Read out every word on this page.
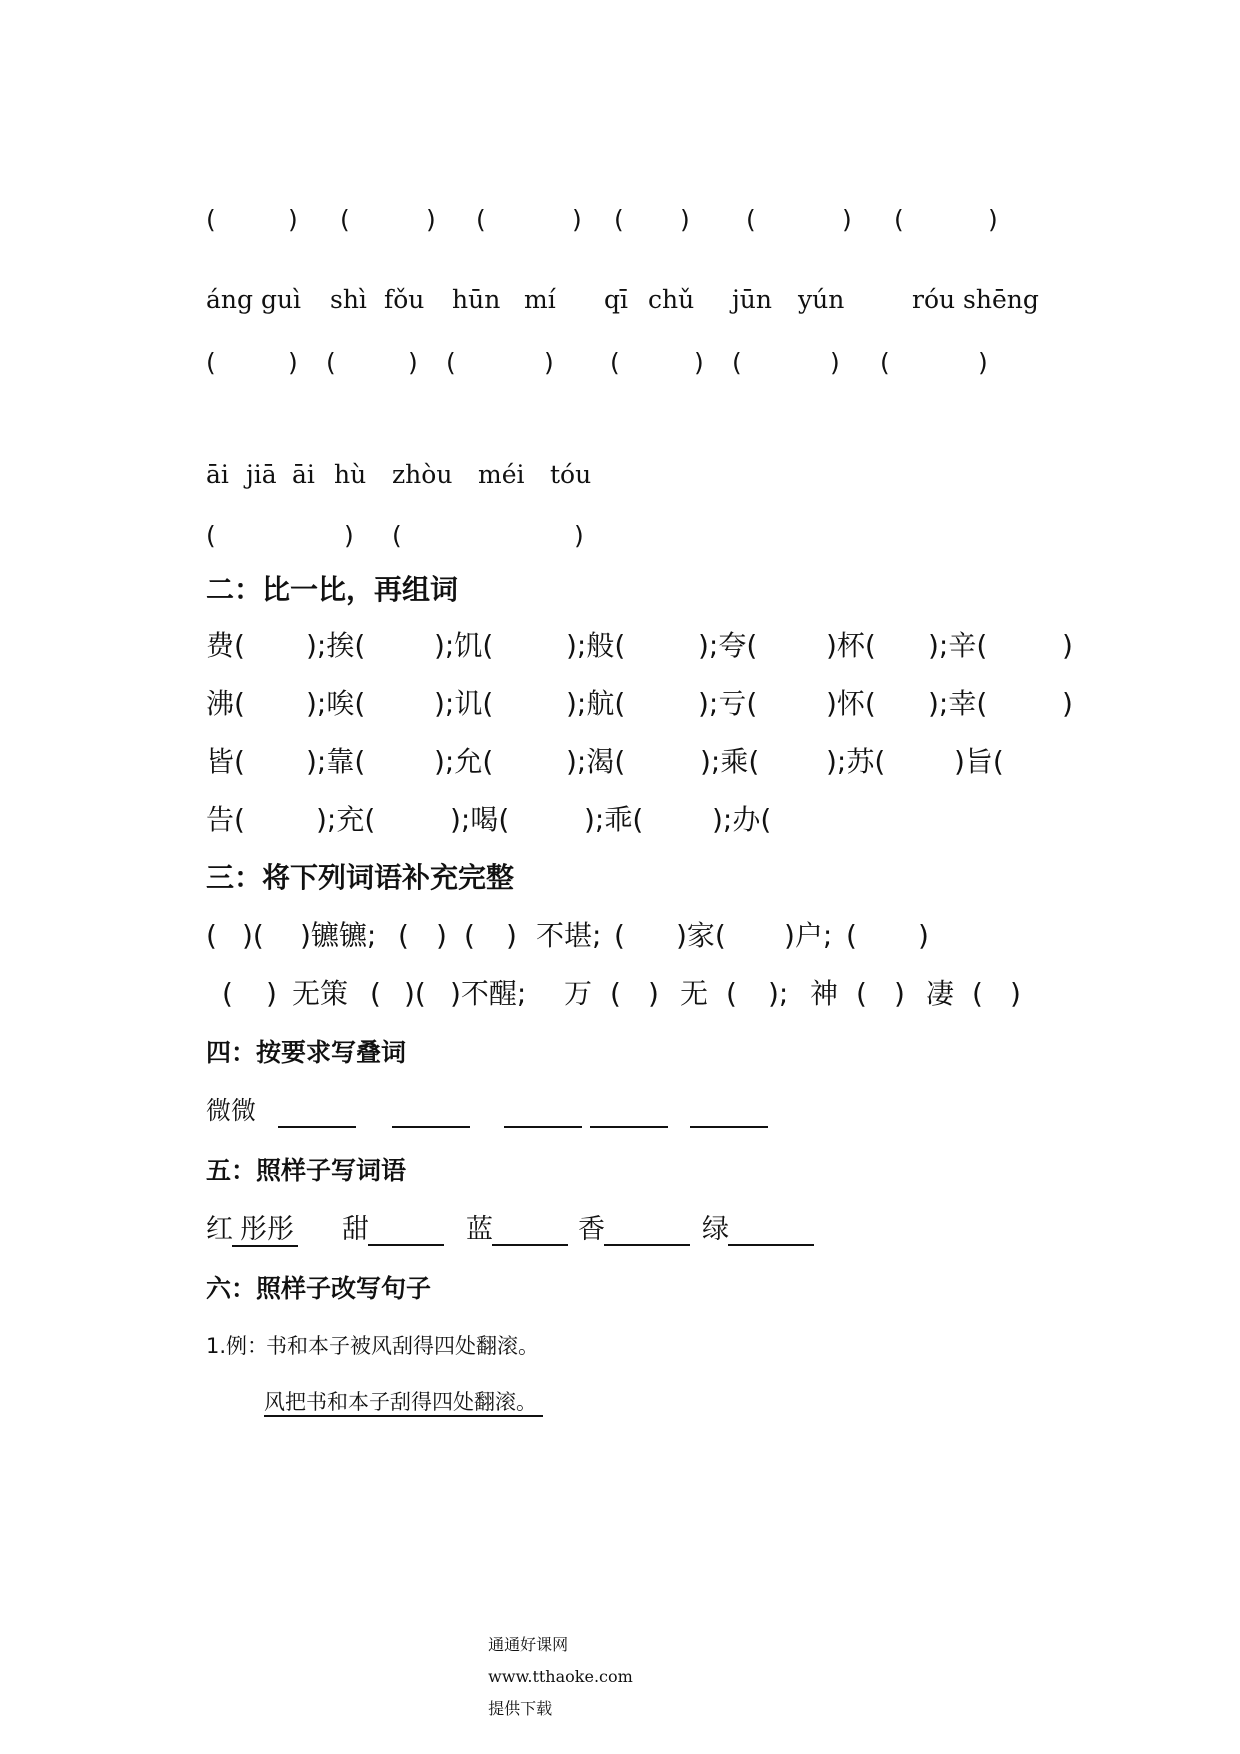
(	) (	) (	) ( ) (	) (	)
áng guì shì fǒu hūn mí qī chǔ jūn yún	róu shēng
(	) (	) (	) (	) (	) (	)
āi jiā āi hù zhòu méi tóu
(	) (	)
二：比一比，再组词
费( );挨( );饥(	);般(	);夸( )杯( );辛(	)
沸( );唉( );讥(	);航(	);亏( )怀( );幸(	)
皆( );靠( );允(	);渴(	);乘( );苏( )旨(
告(	);充(	);喝(	);乖( );办(
三：将下列词语补充完整
( )( )镳镳; ( ) ( ) 不堪; ( )家( )户; ( )
( ) 无策 ( )( )不醒; 万 ( ) 无 ( ); 神 ( ) 凄 ( )
四：按要求写叠词
微微
五：照样子写词语
红 彤彤 甜	蓝	香	绿
六：照样子改写句子
1.例：
书和本子被风刮得四处翻滚。
风把书和本子刮得四处翻滚。

通通好课网

www.tthaoke.com

提供下载
